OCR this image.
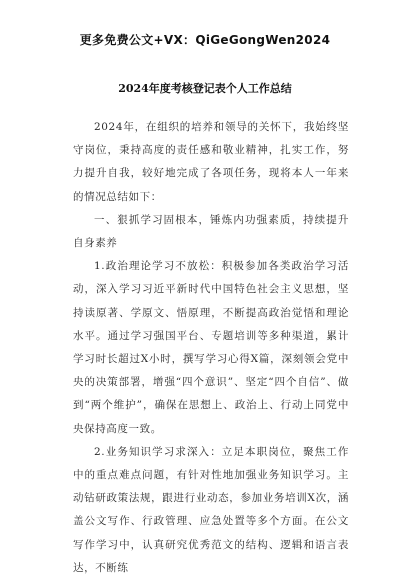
更多免费公文+VX：QiGeGongWen2024
2024年度考核登记表个人工作总结

2024年，在组织的培养和领导的关怀下，我始终坚守岗位，秉持高度的责任感和敬业精神，扎实工作，努力提升自我，较好地完成了各项任务，现将本人一年来的情况总结如下：

一、狠抓学习固根本，锤炼内功强素质，持续提升自身素养

1.政治理论学习不放松：积极参加各类政治学习活动，深入学习习近平新时代中国特色社会主义思想，坚持读原著、学原文、悟原理，不断提高政治觉悟和理论水平。通过学习强国平台、专题培训等多种渠道，累计学习时长超过X小时，撰写学习心得X篇，深刻领会党中央的决策部署，增强“四个意识”、坚定“四个自信”、做到“两个维护”，确保在思想上、政治上、行动上同党中央保持高度一致。

2.业务知识学习求深入：立足本职岗位，聚焦工作中的重点难点问题，有针对性地加强业务知识学习。主动钻研政策法规，跟进行业动态，参加业务培训X次，涵盖公文写作、行政管理、应急处置等多个方面。在公文写作学习中，认真研究优秀范文的结构、逻辑和语言表达，不断练
